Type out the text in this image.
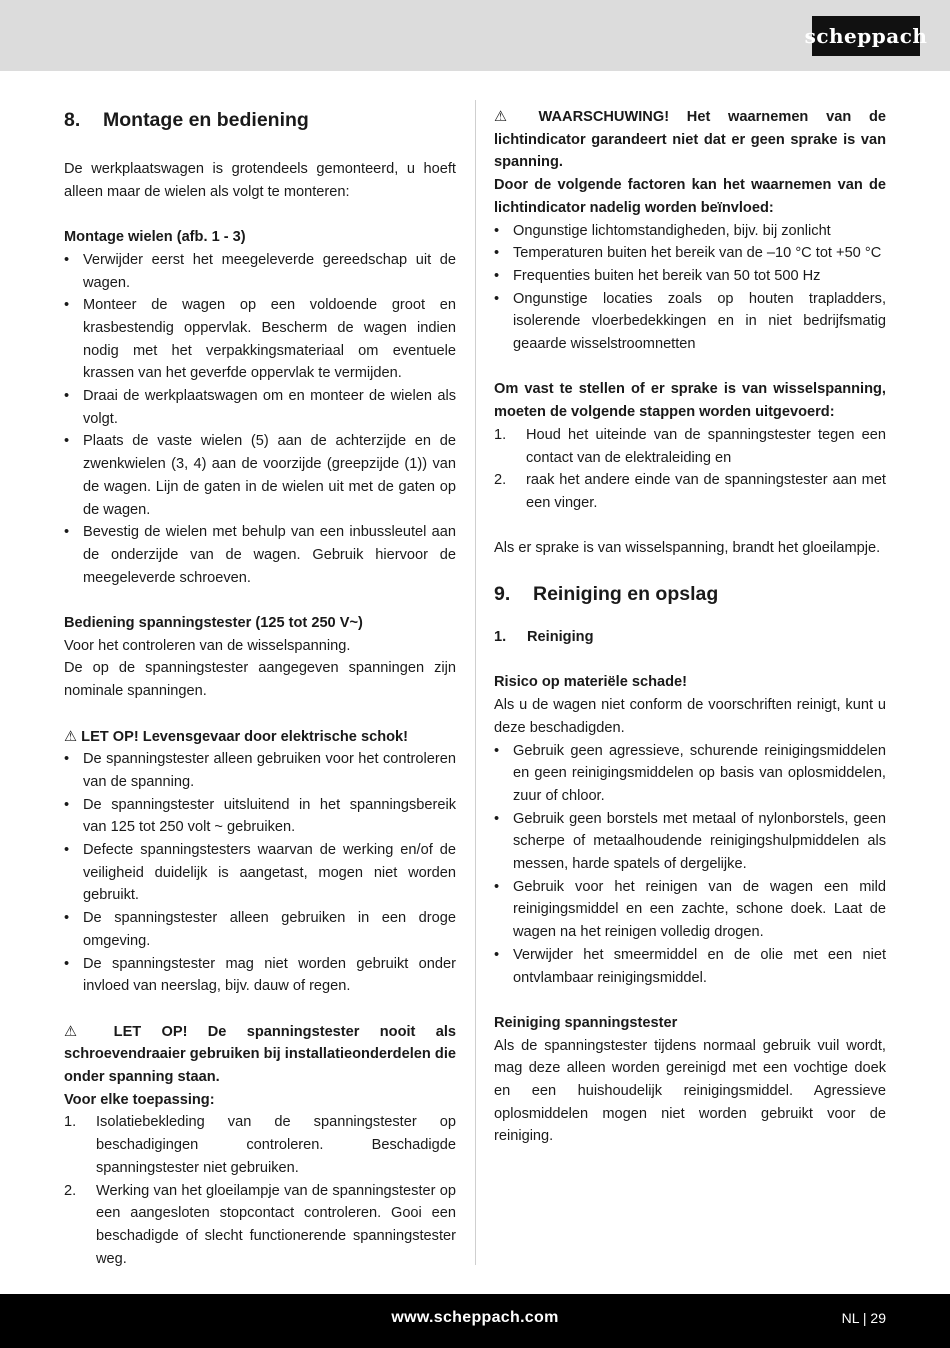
scheppach
8.	Montage en bediening

De werkplaatswagen is grotendeels gemonteerd, u hoeft alleen maar de wielen als volgt te monteren:

Montage wielen (afb. 1 - 3)

• Verwijder eerst het meegeleverde gereedschap uit de wagen.
• Monteer de wagen op een voldoende groot en krasbestendig oppervlak. Bescherm de wagen indien nodig met het verpakkingsmateriaal om eventuele krassen van het geverfde oppervlak te vermijden.
• Draai de werkplaatswagen om en monteer de wielen als volgt.
• Plaats de vaste wielen (5) aan de achterzijde en de zwenkwielen (3, 4) aan de voorzijde (greepzijde (1)) van de wagen. Lijn de gaten in de wielen uit met de gaten op de wagen.
• Bevestig de wielen met behulp van een inbussleutel aan de onderzijde van de wagen. Gebruik hiervoor de meegeleverde schroeven.

Bediening spanningstester (125 tot 250 V~)

Voor het controleren van de wisselspanning.

De op de spanningstester aangegeven spanningen zijn nominale spanningen.

⚠ LET OP! Levensgevaar door elektrische schok!

• De spanningstester alleen gebruiken voor het controleren van de spanning.
• De spanningstester uitsluitend in het spanningsbereik van 125 tot 250 volt ~ gebruiken.
• Defecte spanningstesters waarvan de werking en/of de veiligheid duidelijk is aangetast, mogen niet worden gebruikt.
• De spanningstester alleen gebruiken in een droge omgeving.
• De spanningstester mag niet worden gebruikt onder invloed van neerslag, bijv. dauw of regen.

⚠ LET OP! De spanningstester nooit als schroevendraaier gebruiken bij installatieonderdelen die onder spanning staan.

Voor elke toepassing:

1. Isolatiebekleding van de spanningstester op beschadigingen controleren. Beschadigde spanningstester niet gebruiken.
2. Werking van het gloeilampje van de spanningstester op een aangesloten stopcontact controleren. Gooi een beschadigde of slecht functionerende spanningstester weg.

⚠ WAARSCHUWING! Het waarnemen van de lichtindicator garandeert niet dat er geen sprake is van spanning.

Door de volgende factoren kan het waarnemen van de lichtindicator nadelig worden beïnvloed:

• Ongunstige lichtomstandigheden, bijv. bij zonlicht
• Temperaturen buiten het bereik van de –10 °C tot +50 °C
• Frequenties buiten het bereik van 50 tot 500 Hz
• Ongunstige locaties zoals op houten trapladders, isolerende vloerbedekkingen en in niet bedrijfsmatig geaarde wisselstroomnetten

Om vast te stellen of er sprake is van wisselspanning, moeten de volgende stappen worden uitgevoerd:

1. Houd het uiteinde van de spanningstester tegen een contact van de elektraleiding en
2. raak het andere einde van de spanningstester aan met een vinger.

Als er sprake is van wisselspanning, brandt het gloeilampje.

9.	Reiniging en opslag
1.	Reiniging

Risico op materiële schade!

Als u de wagen niet conform de voorschriften reinigt, kunt u deze beschadigden.

• Gebruik geen agressieve, schurende reinigingsmiddelen en geen reinigingsmiddelen op basis van oplosmiddelen, zuur of chloor.
• Gebruik geen borstels met metaal of nylonborstels, geen scherpe of metaalhoudende reinigingshulpmiddelen als messen, harde spatels of dergelijke.
• Gebruik voor het reinigen van de wagen een mild reinigingsmiddel en een zachte, schone doek. Laat de wagen na het reinigen volledig drogen.
• Verwijder het smeermiddel en de olie met een niet ontvlambaar reinigingsmiddel.

Reiniging spanningstester

Als de spanningstester tijdens normaal gebruik vuil wordt, mag deze alleen worden gereinigd met een vochtige doek en een huishoudelijk reinigingsmiddel. Agressieve oplosmiddelen mogen niet worden gebruikt voor de reiniging.

www.scheppach.com	NL | 29
